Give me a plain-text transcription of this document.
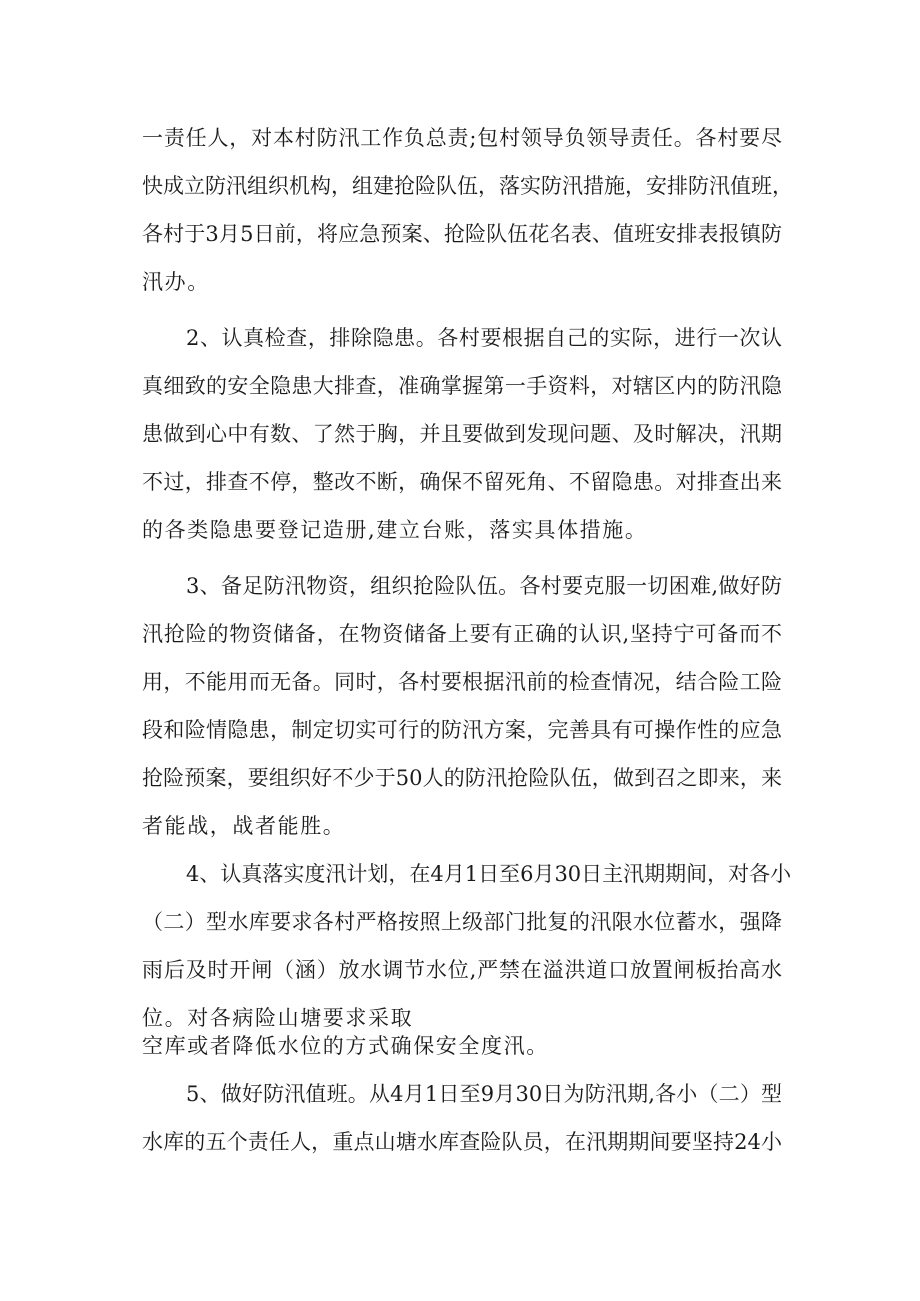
一责任人，对本村防汛工作负总责;包村领导负领导责任。各村要尽

快成立防汛组织机构，组建抢险队伍，落实防汛措施，安排防汛值班，

各村于3月5日前，将应急预案、抢险队伍花名表、值班安排表报镇防

汛办。

2、认真检查，排除隐患。各村要根据自己的实际，进行一次认

真细致的安全隐患大排查，准确掌握第一手资料，对辖区内的防汛隐

患做到心中有数、了然于胸，并且要做到发现问题、及时解决，汛期

不过，排查不停，整改不断，确保不留死角、不留隐患。对排查出来

的各类隐患要登记造册,建立台账，落实具体措施。

3、备足防汛物资，组织抢险队伍。各村要克服一切困难,做好防

汛抢险的物资储备，在物资储备上要有正确的认识,坚持宁可备而不

用，不能用而无备。同时，各村要根据汛前的检查情况，结合险工险

段和险情隐患，制定切实可行的防汛方案，完善具有可操作性的应急

抢险预案，要组织好不少于50人的防汛抢险队伍，做到召之即来，来

者能战，战者能胜。

4、认真落实度汛计划，在4月1日至6月30日主汛期期间，对各小

（二）型水库要求各村严格按照上级部门批复的汛限水位蓄水，强降

雨后及时开闸（涵）放水调节水位,严禁在溢洪道口放置闸板抬高水

位。对各病险山塘要求采取

空库或者降低水位的方式确保安全度汛。

5、做好防汛值班。从4月1日至9月30日为防汛期,各小（二）型

水库的五个责任人，重点山塘水库查险队员，在汛期期间要坚持24小
